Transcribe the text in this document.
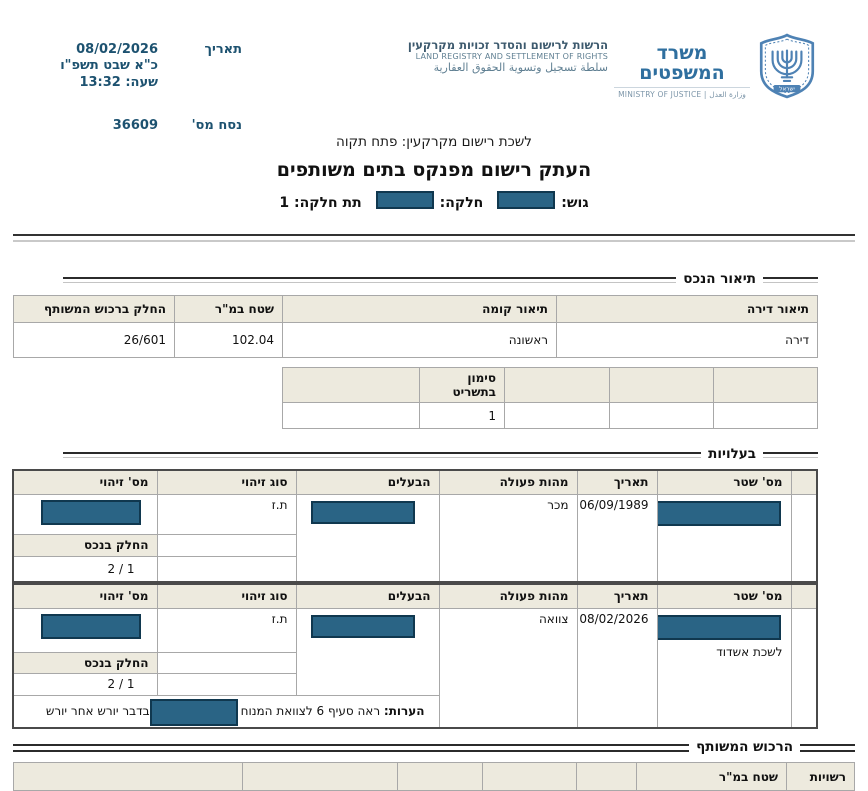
ישראל
משרד המשפטים
MINISTRY OF JUSTICE | وزارة العدل
הרשות לרישום והסדר זכויות מקרקעין
LAND REGISTRY AND SETTLEMENT OF RIGHTS
سلطة تسجيل وتسوية الحقوق العقارية
תאריך
08/02/2026
כ"א שבט תשפ"ו
שעה: 13:32
נסח מס'
36609
לשכת רישום מקרקעין: פתח תקוה
העתק רישום מפנקס בתים משותפים
גוש:חלקה:תת חלקה: 1
תיאור הנכס
תיאור דירה	תיאור קומה	שטח במ"ר	החלק ברכוש המשותף
דירה	ראשונה	102.04	26/601
			סימון בתשריט	
			1	
בעלויות
	מס' שטר	תאריך	מהות פעולה	הבעלים	סוג זיהוי	מס' זיהוי

	06/09/1989	מכר		ת.ז	

						החלק בנכס
						1 / 2
	מס' שטר	תאריך	מהות פעולה	הבעלים	סוג זיהוי	מס' זיהוי

	לשכת אשדוד	08/02/2026	צוואה		ת.ז	

						החלק בנכס
						1 / 2
				הערות: ראה סעיף 6 לצוואת המנוחבדבר יורש אחר יורש		
הרכוש המשותף
רשויות	שטח במ"ר					
